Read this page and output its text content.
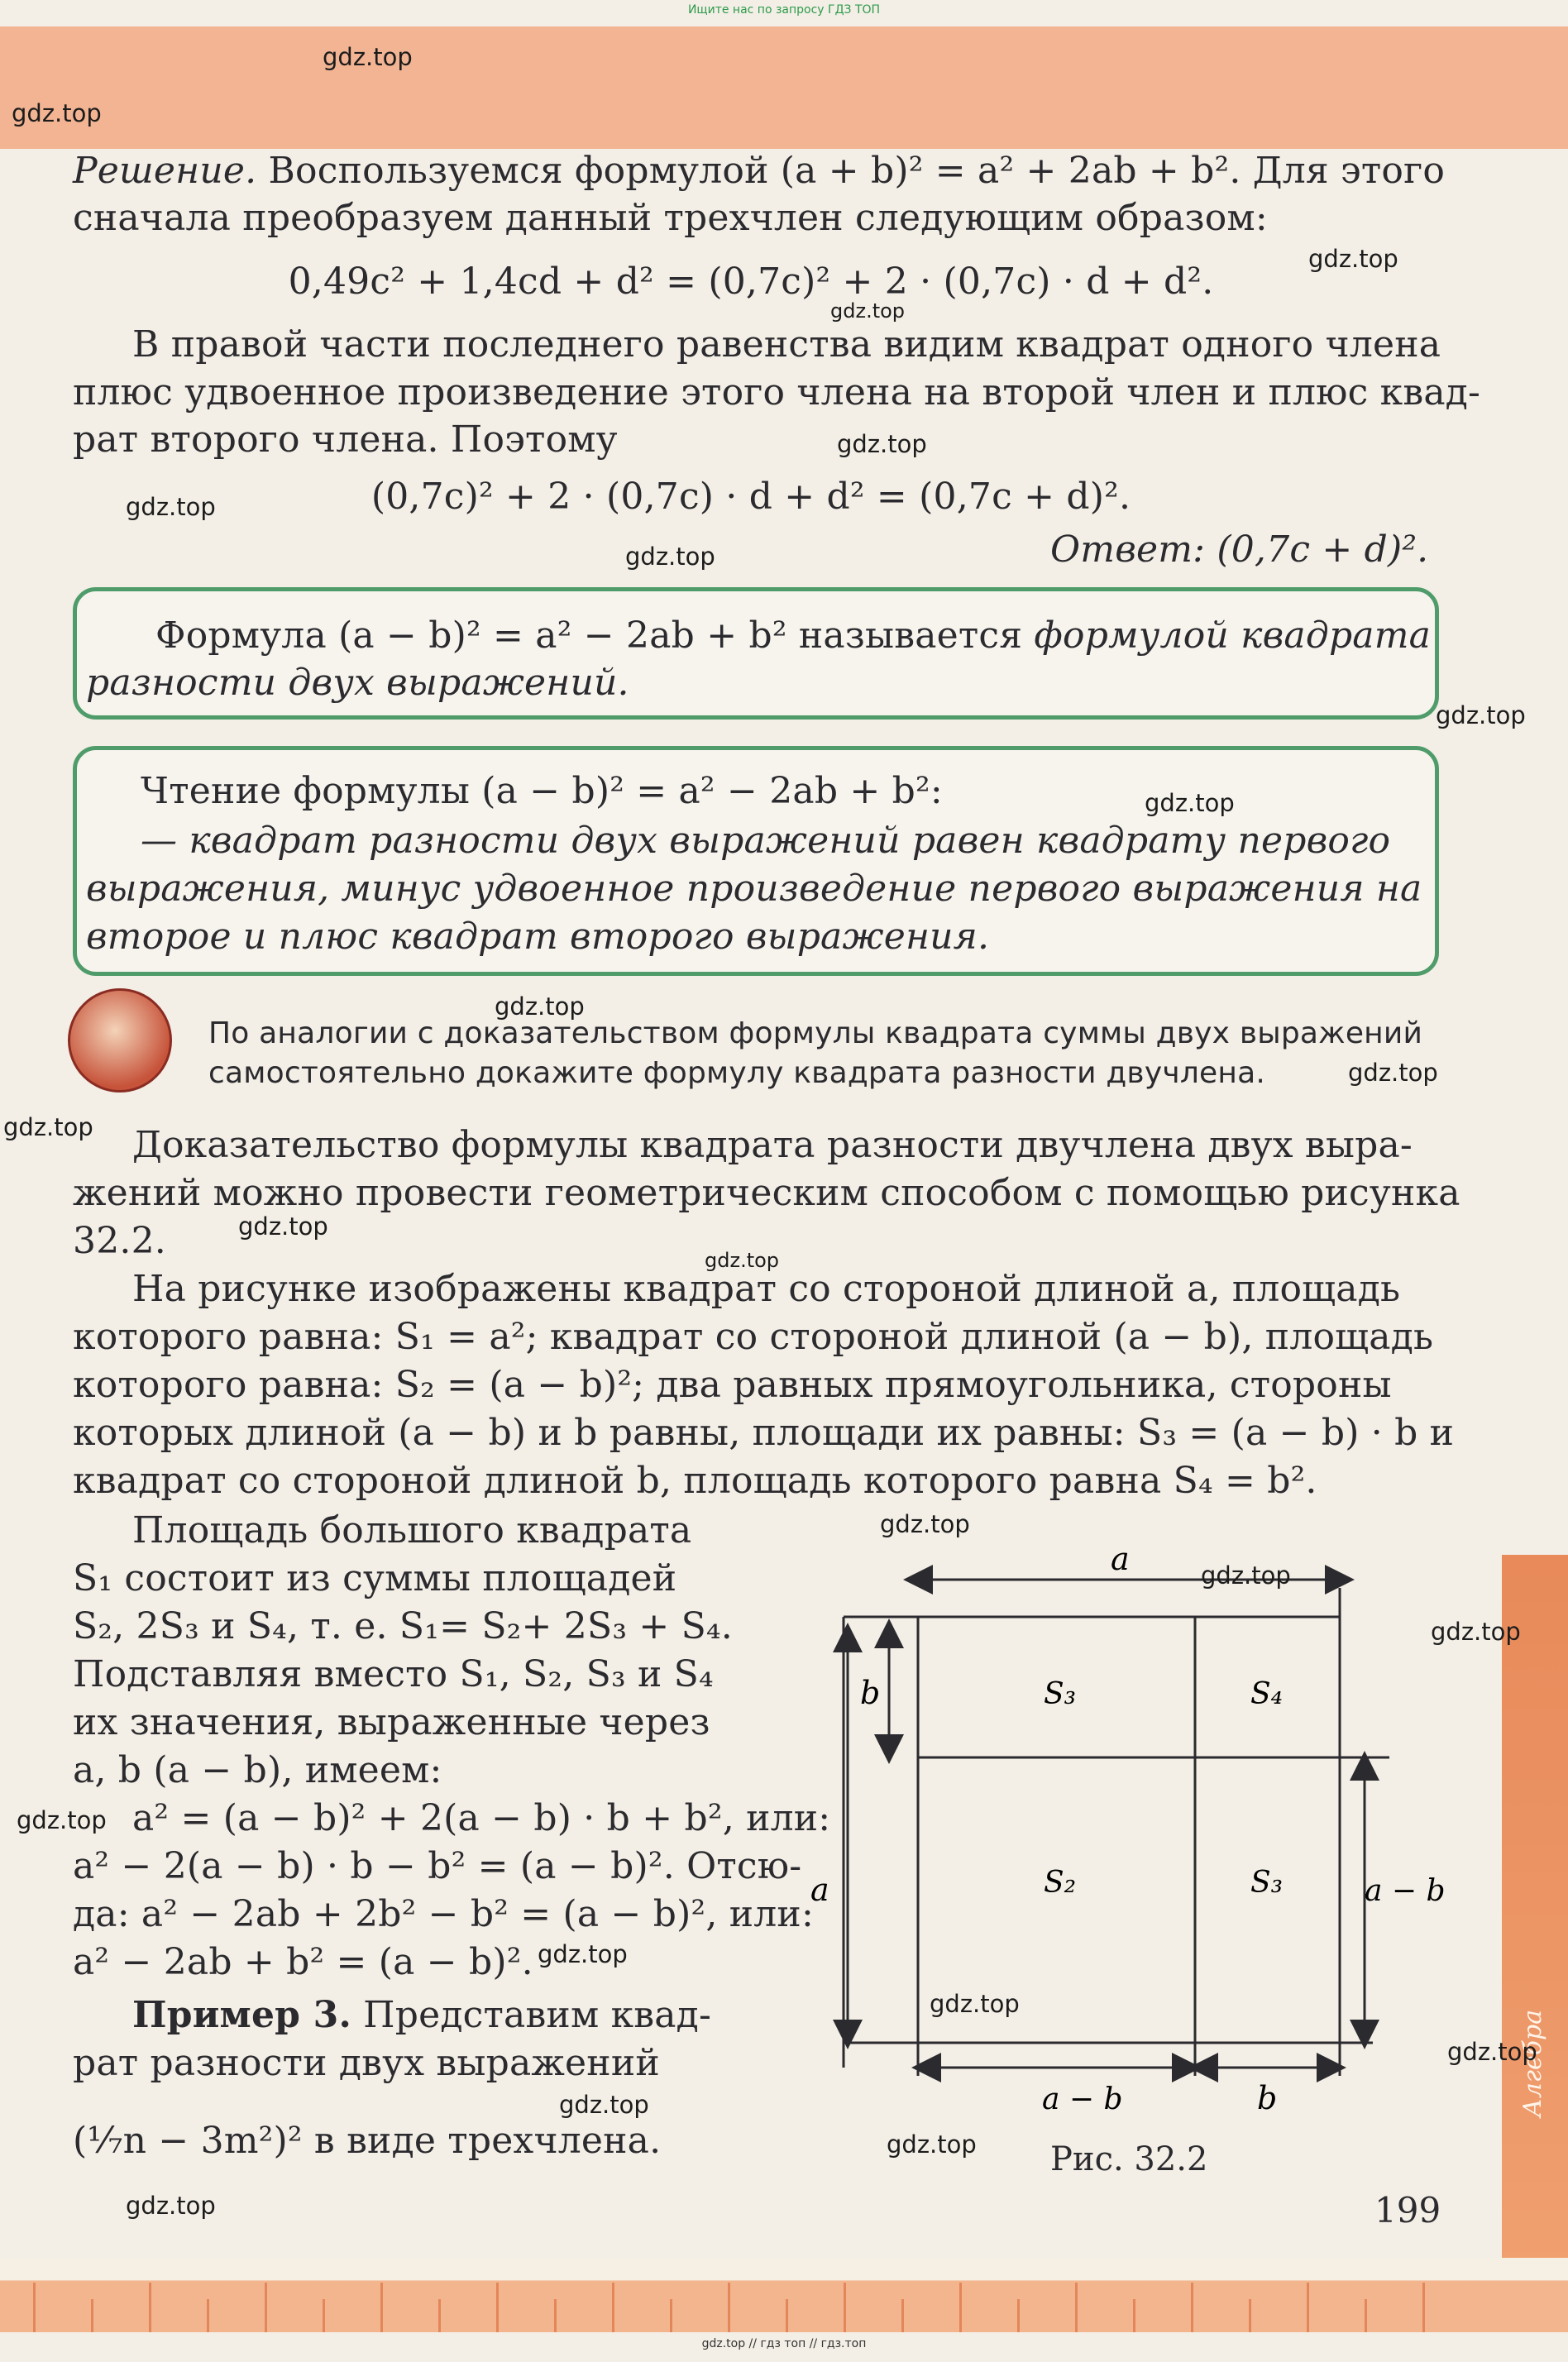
Ищите нас по запросу ГДЗ ТОП
Решение. Воспользуемся формулой (a + b)² = a² + 2ab + b². Для этого
сначала преобразуем данный трехчлен следующим образом:
0,49c² + 1,4cd + d² = (0,7c)² + 2 · (0,7c) · d + d².
В правой части последнего равенства видим квадрат одного члена
плюс удвоенное произведение этого члена на второй член и плюс квад-
рат второго члена. Поэтому
(0,7c)² + 2 · (0,7c) · d + d² = (0,7c + d)².
Ответ: (0,7c + d)².
Формула (a − b)² = a² − 2ab + b² называется формулой квадрата
разности двух выражений.
Чтение формулы (a − b)² = a² − 2ab + b²:
— квадрат разности двух выражений равен квадрату первого
выражения, минус удвоенное произведение первого выражения на
второе и плюс квадрат второго выражения.
По аналогии с доказательством формулы квадрата суммы двух выражений
самостоятельно докажите формулу квадрата разности двучлена.
Доказательство формулы квадрата разности двучлена двух выра-
жений можно провести геометрическим способом с помощью рисунка
32.2.
На рисунке изображены квадрат со стороной длиной a, площадь
которого равна: S₁ = a²; квадрат со стороной длиной (a − b), площадь
которого равна: S₂ = (a − b)²; два равных прямоугольника, стороны
которых длиной (a − b) и b равны, площади их равны: S₃ = (a − b) · b и
квадрат со стороной длиной b, площадь которого равна S₄ = b².
Площадь большого квадрата
S₁ состоит из суммы площадей
S₂, 2S₃ и S₄, т. е. S₁= S₂+ 2S₃ + S₄.
Подставляя вместо S₁, S₂, S₃ и S₄
их значения, выраженные через
a, b (a − b), имеем:
a² = (a − b)² + 2(a − b) · b + b², или:
a² − 2(a − b) · b − b² = (a − b)². Отсю-
да: a² − 2ab + 2b² − b² = (a − b)², или:
a² − 2ab + b² = (a − b)².
Пример 3. Представим квад-
рат разности двух выражений
(¹⁄₇n − 3m²)² в виде трехчлена.
a
a
b
a − b
a − b	b
S₃	S₄
S₂	S₃
Рис. 32.2
Алгебра
199
gdz.top // гдз топ // гдз.топ
gdz.top
gdz.top
gdz.top
gdz.top
gdz.top
gdz.top
gdz.top
gdz.top
gdz.top
gdz.top
gdz.top
gdz.top
gdz.top
gdz.top
gdz.top
gdz.top
gdz.top
gdz.top
gdz.top
gdz.top
gdz.top
gdz.top
gdz.top
gdz.top
